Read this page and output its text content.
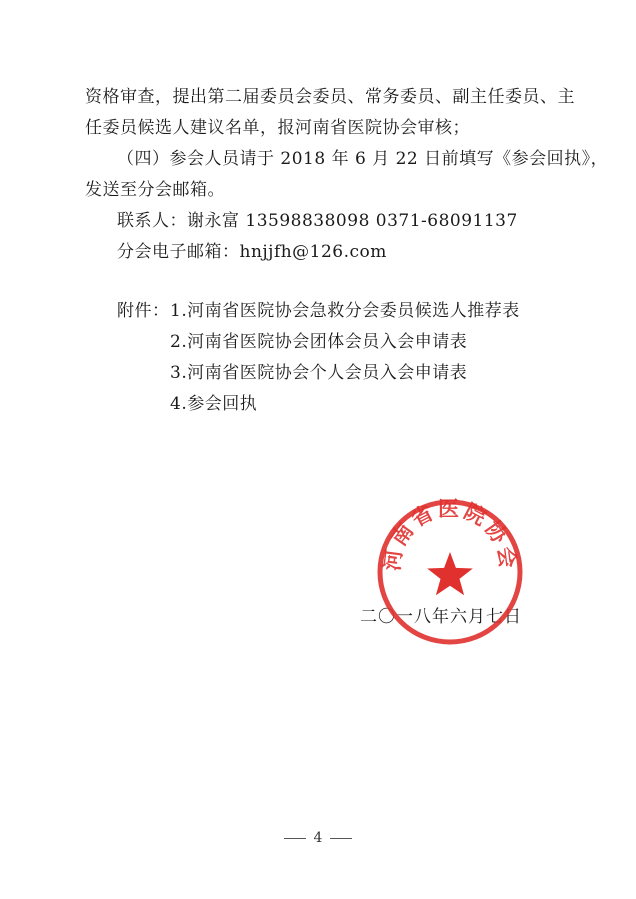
资格审查，提出第二届委员会委员、常务委员、副主任委员、主
任委员候选人建议名单，报河南省医院协会审核；
（四）参会人员请于 2018 年 6 月 22 日前填写《参会回执》，
发送至分会邮箱。
联系人：谢永富 13598838098 0371-68091137
分会电子邮箱：hnjjfh@126.com
附件： 1.河南省医院协会急救分会委员候选人推荐表
2.河南省医院协会团体会员入会申请表
3.河南省医院协会个人会员入会申请表
4.参会回执
二〇一八年六月七日
河南省医院协会
4
